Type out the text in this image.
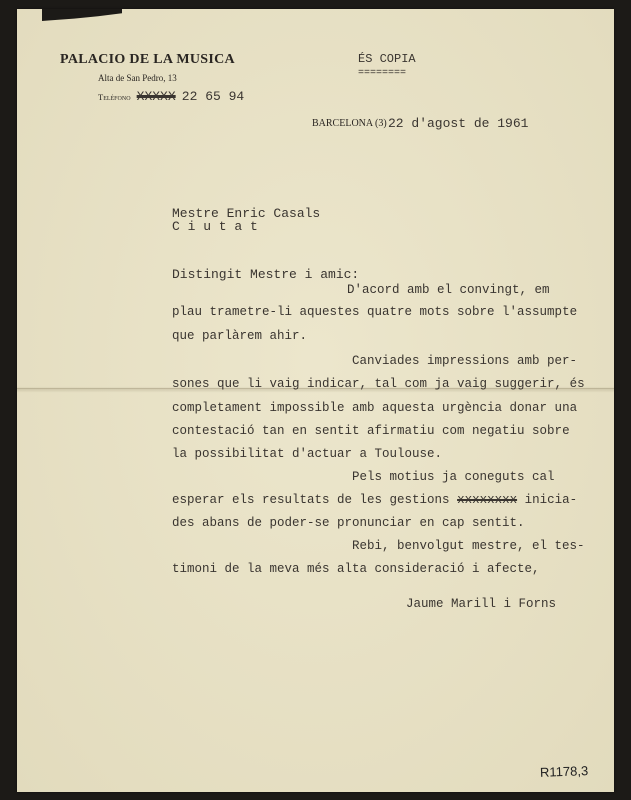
PALACIO DE LA MUSICA
Alta de San Pedro, 13
Teléfono XXXXX 22 65 94
ÉS COPIA
========
BARCELONA (3) 22 d'agost de 1961
Mestre Enric Casals
C i u t a t
Distingit Mestre i amic:
D'acord amb el convingt, em
plau trametre-li aquestes quatre mots sobre l'assumpte
que parlàrem ahir.
Canviades impressions amb per-
sones que li vaig indicar, tal com ja vaig suggerir, és
completament impossible amb aquesta urgència donar una
contestació tan en sentit afirmatiu com negatiu sobre
la possibilitat d'actuar a Toulouse.
Pels motius ja coneguts cal
esperar els resultats de les gestions xxxxxxxx inicia-
des abans de poder-se pronunciar en cap sentit.
Rebi, benvolgut mestre, el tes-
timoni de la meva més alta consideració i afecte,
Jaume Marill i Forns
R1178,3
